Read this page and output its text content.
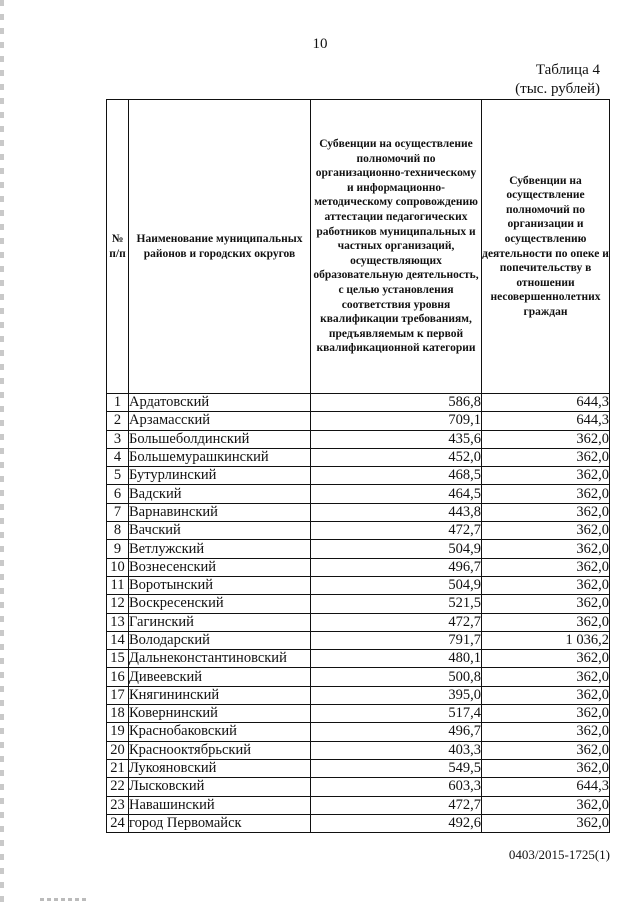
10
Таблица 4
(тыс. рублей)
№ п/п	Наименование муниципальных районов и городских округов	Субвенции на осуществление полномочий по организационно-техническому и информационно-методическому сопровождению аттестации педагогических работников муниципальных и частных организаций, осуществляющих образовательную деятельность, с целью установления соответствия уровня квалификации требованиям, предъявляемым к первой квалификационной категории	Субвенции на осуществление полномочий по организации и осуществлению деятельности по опеке и попечительству в отношении несовершеннолетних граждан
1	Ардатовский	586,8	644,3
2	Арзамасский	709,1	644,3
3	Большеболдинский	435,6	362,0
4	Большемурашкинский	452,0	362,0
5	Бутурлинский	468,5	362,0
6	Вадский	464,5	362,0
7	Варнавинский	443,8	362,0
8	Вачский	472,7	362,0
9	Ветлужский	504,9	362,0
10	Вознесенский	496,7	362,0
11	Воротынский	504,9	362,0
12	Воскресенский	521,5	362,0
13	Гагинский	472,7	362,0
14	Володарский	791,7	1 036,2
15	Дальнеконстантиновский	480,1	362,0
16	Дивеевский	500,8	362,0
17	Княгининский	395,0	362,0
18	Ковернинский	517,4	362,0
19	Краснобаковский	496,7	362,0
20	Краснооктябрьский	403,3	362,0
21	Лукояновский	549,5	362,0
22	Лысковский	603,3	644,3
23	Навашинский	472,7	362,0
24	город Первомайск	492,6	362,0
0403/2015-1725(1)
